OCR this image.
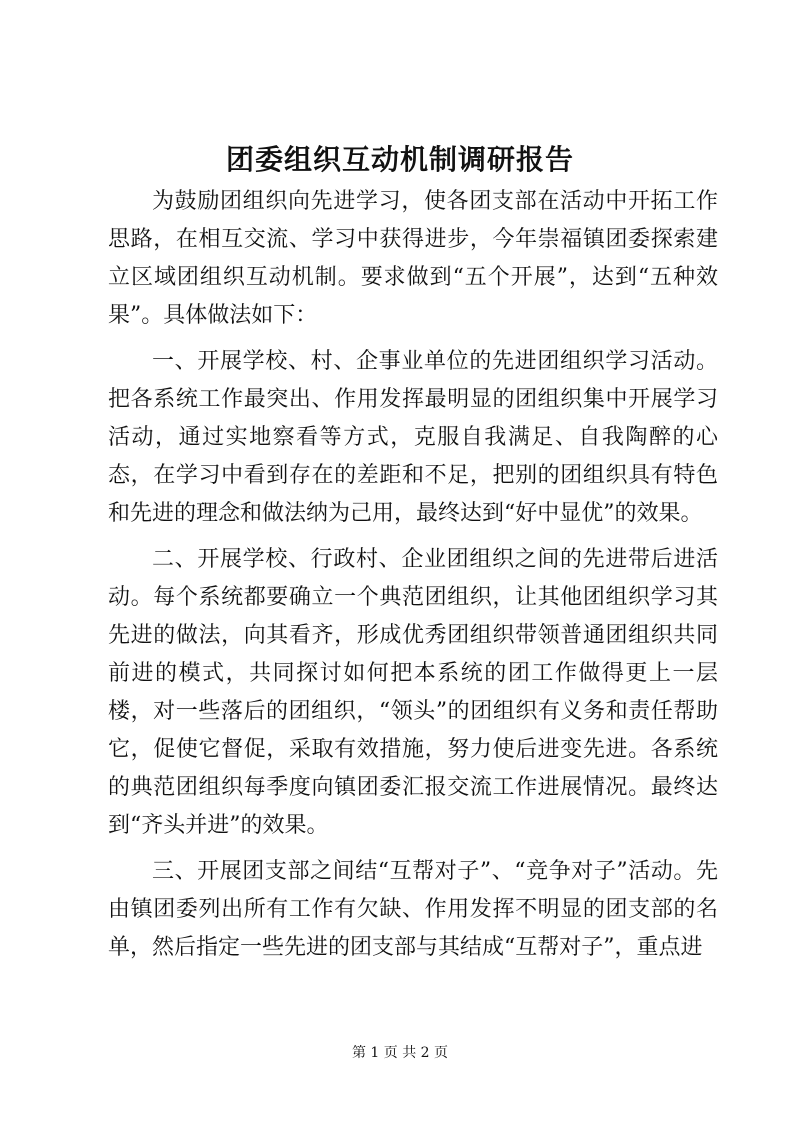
团委组织互动机制调研报告

为鼓励团组织向先进学习，使各团支部在活动中开拓工作思路，在相互交流、学习中获得进步，今年崇福镇团委探索建立区域团组织互动机制。要求做到“五个开展”，达到“五种效果”。具体做法如下：

一、开展学校、村、企事业单位的先进团组织学习活动。把各系统工作最突出、作用发挥最明显的团组织集中开展学习活动，通过实地察看等方式，克服自我满足、自我陶醉的心态，在学习中看到存在的差距和不足，把别的团组织具有特色和先进的理念和做法纳为己用，最终达到“好中显优”的效果。

二、开展学校、行政村、企业团组织之间的先进带后进活动。每个系统都要确立一个典范团组织，让其他团组织学习其先进的做法，向其看齐，形成优秀团组织带领普通团组织共同前进的模式，共同探讨如何把本系统的团工作做得更上一层楼，对一些落后的团组织，“领头”的团组织有义务和责任帮助它，促使它督促，采取有效措施，努力使后进变先进。各系统的典范团组织每季度向镇团委汇报交流工作进展情况。最终达到“齐头并进”的效果。

三、开展团支部之间结“互帮对子”、“竞争对子”活动。先由镇团委列出所有工作有欠缺、作用发挥不明显的团支部的名单，然后指定一些先进的团支部与其结成“互帮对子”，重点进

第 1 页 共 2 页
